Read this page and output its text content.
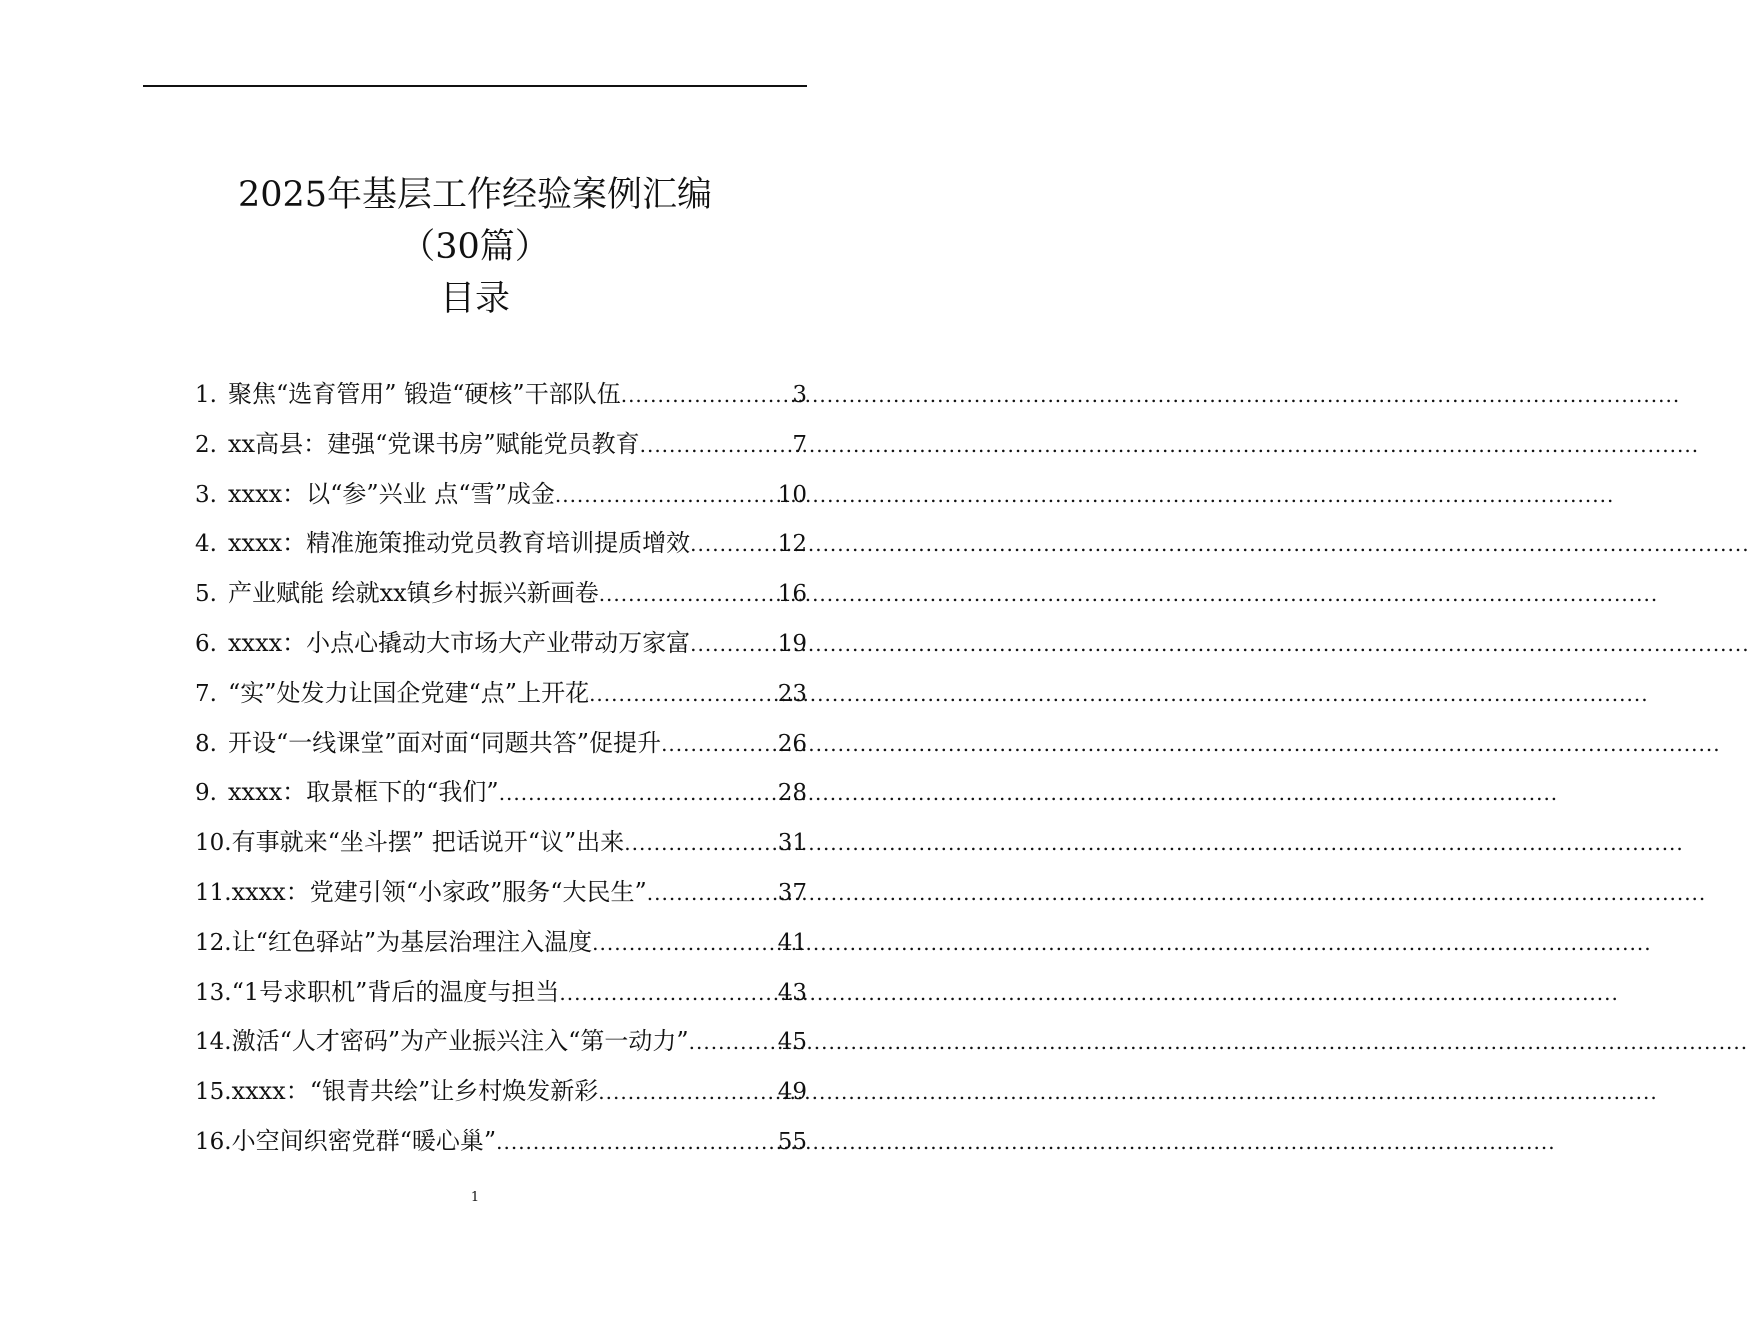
2025年基层工作经验案例汇编
（30篇）
目录
1. 聚焦“选育管用” 锻造“硬核”干部队伍 .....	3
2. xx高县：建强“党课书房”赋能党员教育 .....	7
3. xxxx：以“参”兴业 点“雪”成金 .....	10
4. xxxx：精准施策推动党员教育培训提质增效 .....	12
5. 产业赋能 绘就xx镇乡村振兴新画卷 .....	16
6. xxxx：小点心撬动大市场大产业带动万家富 .....	19
7. “实”处发力让国企党建“点”上开花 .....	23
8. 开设“一线课堂”面对面“同题共答”促提升 .....	26
9. xxxx：取景框下的“我们” .....	28
10. 有事就来“坐斗摆” 把话说开“议”出来 .....	31
11. xxxx：党建引领“小家政”服务“大民生” .....	37
12. 让“红色驿站”为基层治理注入温度 .....	41
13. “1号求职机”背后的温度与担当 .....	43
14. 激活“人才密码”为产业振兴注入“第一动力” .....	45
15. xxxx：“银青共绘”让乡村焕发新彩 .....	49
16. 小空间织密党群“暖心巢” .....	55
1
